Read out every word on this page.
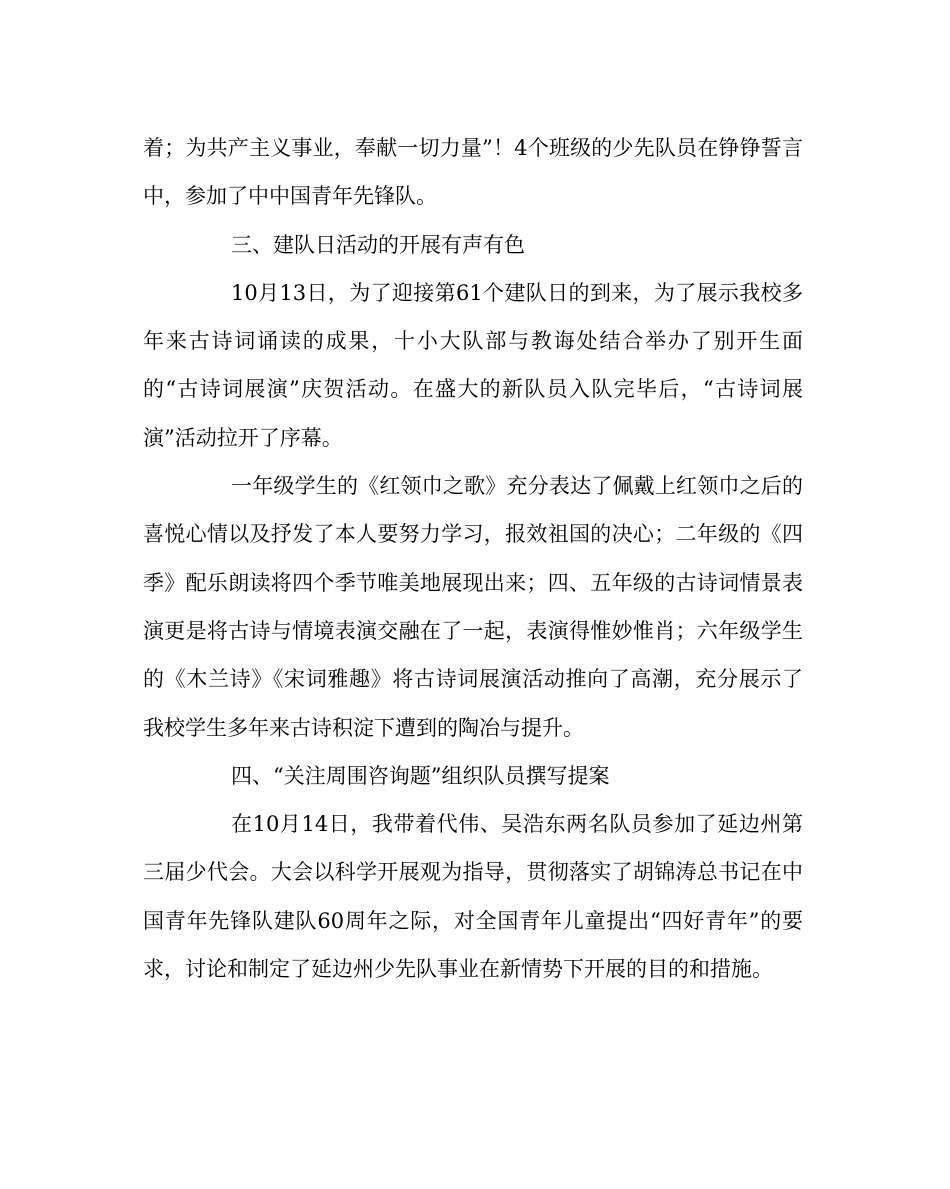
着；为共产主义事业，奉献一切力量”！4个班级的少先队员在铮铮誓言中，参加了中中国青年先锋队。

三、建队日活动的开展有声有色

10月13日，为了迎接第61个建队日的到来，为了展示我校多年来古诗词诵读的成果，十小大队部与教诲处结合举办了别开生面的“古诗词展演”庆贺活动。在盛大的新队员入队完毕后，“古诗词展演”活动拉开了序幕。

一年级学生的《红领巾之歌》充分表达了佩戴上红领巾之后的喜悦心情以及抒发了本人要努力学习，报效祖国的决心；二年级的《四季》配乐朗读将四个季节唯美地展现出来；四、五年级的古诗词情景表演更是将古诗与情境表演交融在了一起，表演得惟妙惟肖；六年级学生的《木兰诗》《宋词雅趣》将古诗词展演活动推向了高潮，充分展示了我校学生多年来古诗积淀下遭到的陶冶与提升。

四、“关注周围咨询题”组织队员撰写提案

在10月14日，我带着代伟、吴浩东两名队员参加了延边州第三届少代会。大会以科学开展观为指导，贯彻落实了胡锦涛总书记在中国青年先锋队建队60周年之际，对全国青年儿童提出“四好青年”的要求，讨论和制定了延边州少先队事业在新情势下开展的目的和措施。
